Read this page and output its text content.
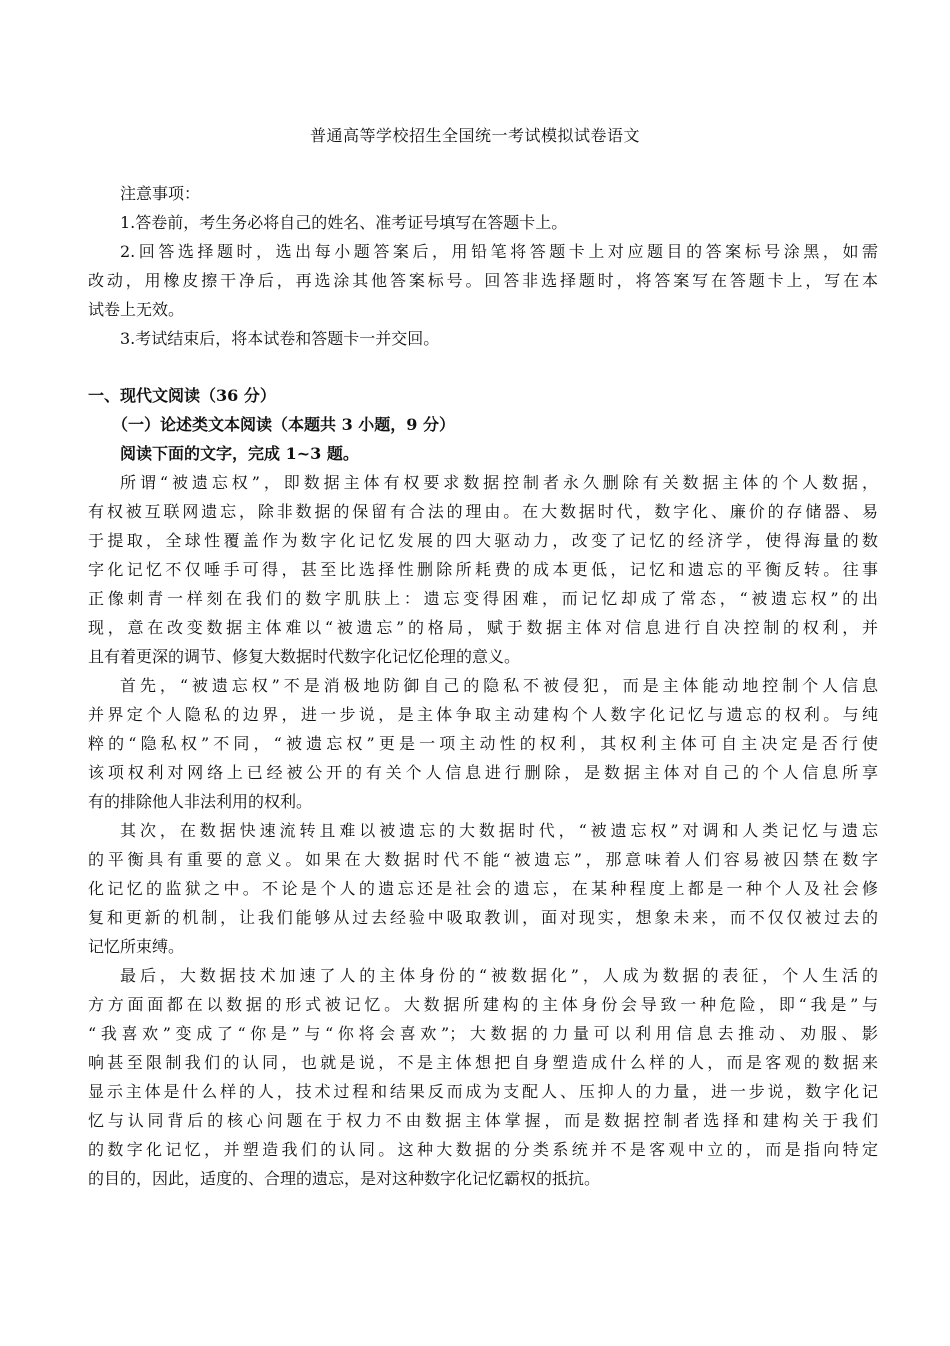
普通高等学校招生全国统一考试模拟试卷语文
注意事项：
1.答卷前，考生务必将自己的姓名、准考证号填写在答题卡上。
2.回答选择题时，选出每小题答案后，用铅笔将答题卡上对应题目的答案标号涂黑，如需
改动，用橡皮擦干净后，再选涂其他答案标号。回答非选择题时，将答案写在答题卡上，写在本
试卷上无效。
3.考试结束后，将本试卷和答题卡一并交回。
一、现代文阅读（36 分）
（一）论述类文本阅读（本题共 3 小题，9 分）
阅读下面的文字，完成 1~3 题。
所谓“被遗忘权”，即数据主体有权要求数据控制者永久删除有关数据主体的个人数据，
有权被互联网遗忘，除非数据的保留有合法的理由。在大数据时代，数字化、廉价的存储器、易
于提取，全球性覆盖作为数字化记忆发展的四大驱动力，改变了记忆的经济学，使得海量的数
字化记忆不仅唾手可得，甚至比选择性删除所耗费的成本更低，记忆和遗忘的平衡反转。往事
正像刺青一样刻在我们的数字肌肤上：遗忘变得困难，而记忆却成了常态，“被遗忘权”的出
现，意在改变数据主体难以“被遗忘”的格局，赋于数据主体对信息进行自决控制的权利，并
且有着更深的调节、修复大数据时代数字化记忆伦理的意义。
首先，“被遗忘权”不是消极地防御自己的隐私不被侵犯，而是主体能动地控制个人信息
并界定个人隐私的边界，进一步说，是主体争取主动建构个人数字化记忆与遗忘的权利。与纯
粹的“隐私权”不同，“被遗忘权”更是一项主动性的权利，其权利主体可自主决定是否行使
该项权利对网络上已经被公开的有关个人信息进行删除，是数据主体对自己的个人信息所享
有的排除他人非法利用的权利。
其次，在数据快速流转且难以被遗忘的大数据时代，“被遗忘权”对调和人类记忆与遗忘
的平衡具有重要的意义。如果在大数据时代不能“被遗忘”，那意味着人们容易被囚禁在数字
化记忆的监狱之中。不论是个人的遗忘还是社会的遗忘，在某种程度上都是一种个人及社会修
复和更新的机制，让我们能够从过去经验中吸取教训，面对现实，想象未来，而不仅仅被过去的
记忆所束缚。
最后，大数据技术加速了人的主体身份的“被数据化”，人成为数据的表征，个人生活的
方方面面都在以数据的形式被记忆。大数据所建构的主体身份会导致一种危险，即“我是”与
“我喜欢”变成了“你是”与“你将会喜欢”；大数据的力量可以利用信息去推动、劝服、影
响甚至限制我们的认同，也就是说，不是主体想把自身塑造成什么样的人，而是客观的数据来
显示主体是什么样的人，技术过程和结果反而成为支配人、压抑人的力量，进一步说，数字化记
忆与认同背后的核心问题在于权力不由数据主体掌握，而是数据控制者选择和建构关于我们
的数字化记忆，并塑造我们的认同。这种大数据的分类系统并不是客观中立的，而是指向特定
的目的，因此，适度的、合理的遗忘，是对这种数字化记忆霸权的抵抗。
